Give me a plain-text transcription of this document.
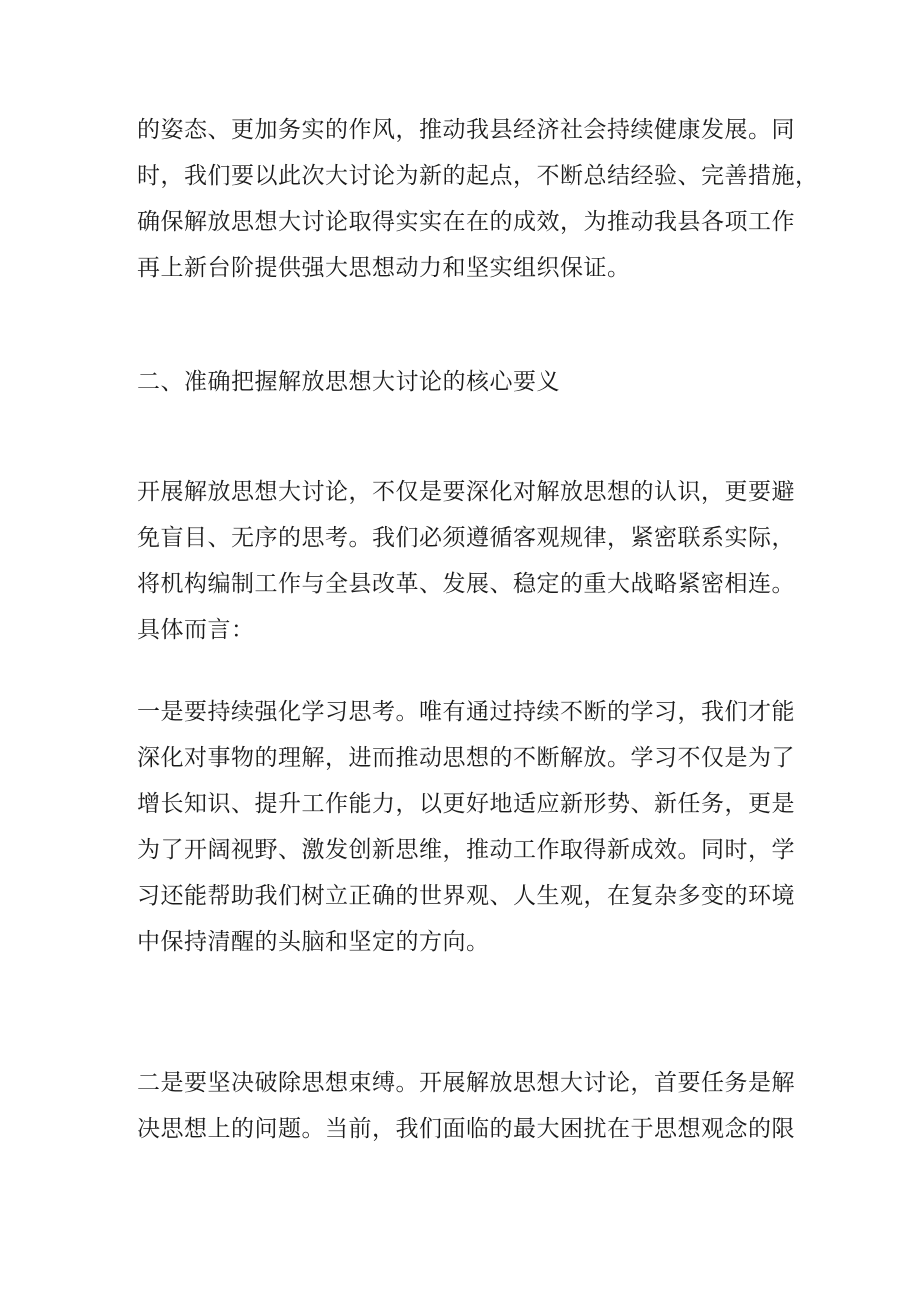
的姿态、更加务实的作风，推动我县经济社会持续健康发展。同
时，我们要以此次大讨论为新的起点，不断总结经验、完善措施，
确保解放思想大讨论取得实实在在的成效，为推动我县各项工作
再上新台阶提供强大思想动力和坚实组织保证。
二、准确把握解放思想大讨论的核心要义
开展解放思想大讨论，不仅是要深化对解放思想的认识，更要避
免盲目、无序的思考。我们必须遵循客观规律，紧密联系实际，
将机构编制工作与全县改革、发展、稳定的重大战略紧密相连。
具体而言：
一是要持续强化学习思考。唯有通过持续不断的学习，我们才能
深化对事物的理解，进而推动思想的不断解放。学习不仅是为了
增长知识、提升工作能力，以更好地适应新形势、新任务，更是
为了开阔视野、激发创新思维，推动工作取得新成效。同时，学
习还能帮助我们树立正确的世界观、人生观，在复杂多变的环境
中保持清醒的头脑和坚定的方向。
二是要坚决破除思想束缚。开展解放思想大讨论，首要任务是解
决思想上的问题。当前，我们面临的最大困扰在于思想观念的限
